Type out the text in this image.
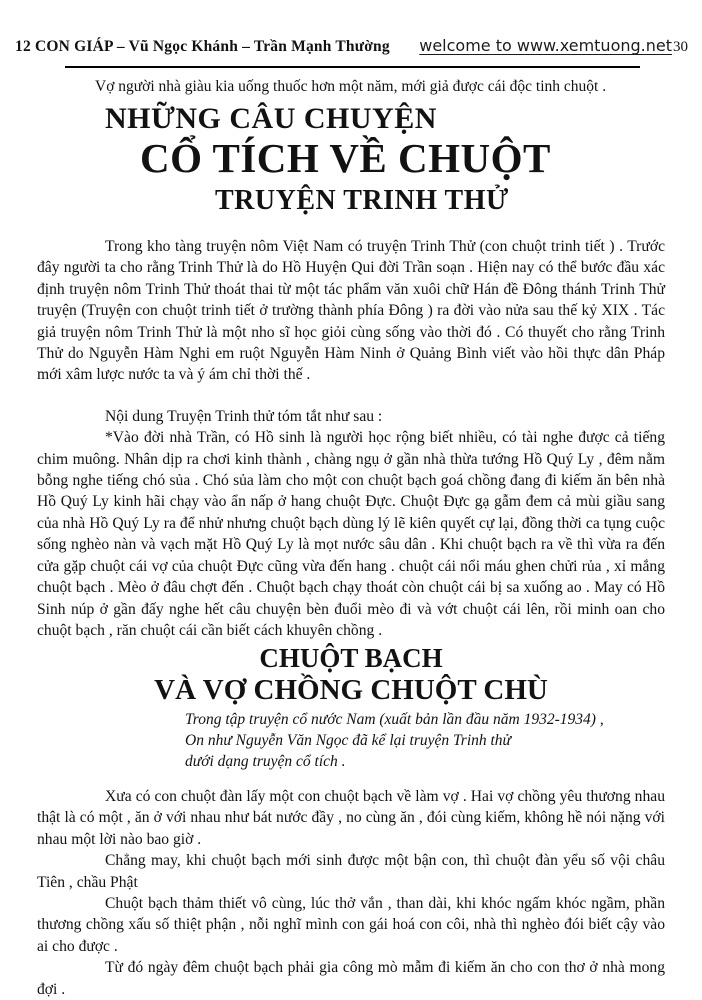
12 CON GIÁP – Vũ Ngọc Khánh – Trần Mạnh Thường welcome to www.xemtuong.net 30
Vợ người nhà giàu kia uống thuốc hơn một năm, mới giả được cái độc tinh chuột .
NHỮNG CÂU CHUYỆN
CỔ TÍCH VỀ CHUỘT
TRUYỆN TRINH THỬ

Trong kho tàng truyện nôm Việt Nam có truyện Trinh Thử (con chuột trinh tiết ) . Trước đây người ta cho rằng Trinh Thử là do Hồ Huyện Qui đời Trần soạn . Hiện nay có thể bước đầu xác định truyện nôm Trinh Thử thoát thai từ một tác phẩm văn xuôi chữ Hán đề Đông thánh Trinh Thử truyện (Truyện con chuột trinh tiết ở trường thành phía Đông ) ra đời vào nửa sau thế kỷ XIX . Tác giả truyện nôm Trinh Thử là một nho sĩ học giỏi cùng sống vào thời đó . Có thuyết cho rằng Trinh Thử do Nguyễn Hàm Nghi em ruột Nguyễn Hàm Ninh ở Quảng Bình viết vào hồi thực dân Pháp mới xâm lược nước ta và ý ám chỉ thời thế .

Nội dung Truyện Trinh thử tóm tắt như sau :

*Vào đời nhà Trần, có Hồ sinh là người học rộng biết nhiều, có tài nghe được cả tiếng chim muông. Nhân dịp ra chơi kinh thành , chàng ngụ ở gần nhà thừa tướng Hồ Quý Ly , đêm nằm bỗng nghe tiếng chó sủa . Chó sủa làm cho một con chuột bạch goá chồng đang đi kiếm ăn bên nhà Hồ Quý Ly kinh hãi chạy vào ẩn nấp ở hang chuột Đực. Chuột Đực gạ gẫm đem cả mùi giầu sang của nhà Hồ Quý Ly ra để nhử nhưng chuột bạch dùng lý lẽ kiên quyết cự lại, đồng thời ca tụng cuộc sống nghèo nàn và vạch mặt Hồ Quý Ly là mọt nước sâu dân . Khi chuột bạch ra về thì vừa ra đến cửa gặp chuột cái vợ của chuột Đực cũng vừa đến hang . chuột cái nổi máu ghen chửi rủa , xỉ mắng chuột bạch . Mèo ở đâu chợt đến . Chuột bạch chạy thoát còn chuột cái bị sa xuống ao . May có Hồ Sinh núp ở gần đấy nghe hết câu chuyện bèn đuổi mèo đi và vớt chuột cái lên, rồi minh oan cho chuột bạch , răn chuột cái cần biết cách khuyên chồng .

CHUỘT BẠCH
VÀ VỢ CHỒNG CHUỘT CHÙ
Trong tập truyện cổ nước Nam (xuất bản lần đầu năm 1932-1934) ,
On như Nguyễn Văn Ngọc đã kể lại truyện Trinh thử
dưới dạng truyện cổ tích .

Xưa có con chuột đàn lấy một con chuột bạch về làm vợ . Hai vợ chồng yêu thương nhau thật là có một , ăn ở với nhau như bát nước đầy , no cùng ăn , đói cùng kiếm, không hề nói nặng với nhau một lời nào bao giờ .

Chẳng may, khi chuột bạch mới sinh được một bận con, thì chuột đàn yểu số vội châu Tiên , chầu Phật

Chuột bạch thảm thiết vô cùng, lúc thở vắn , than dài, khi khóc ngấm khóc ngầm, phần thương chồng xấu số thiệt phận , nỗi nghĩ mình con gái hoá con côi, nhà thì nghèo đói biết cậy vào ai cho được .

Từ đó ngày đêm chuột bạch phải gia công mò mẫm đi kiếm ăn cho con thơ ở nhà mong đợi .
